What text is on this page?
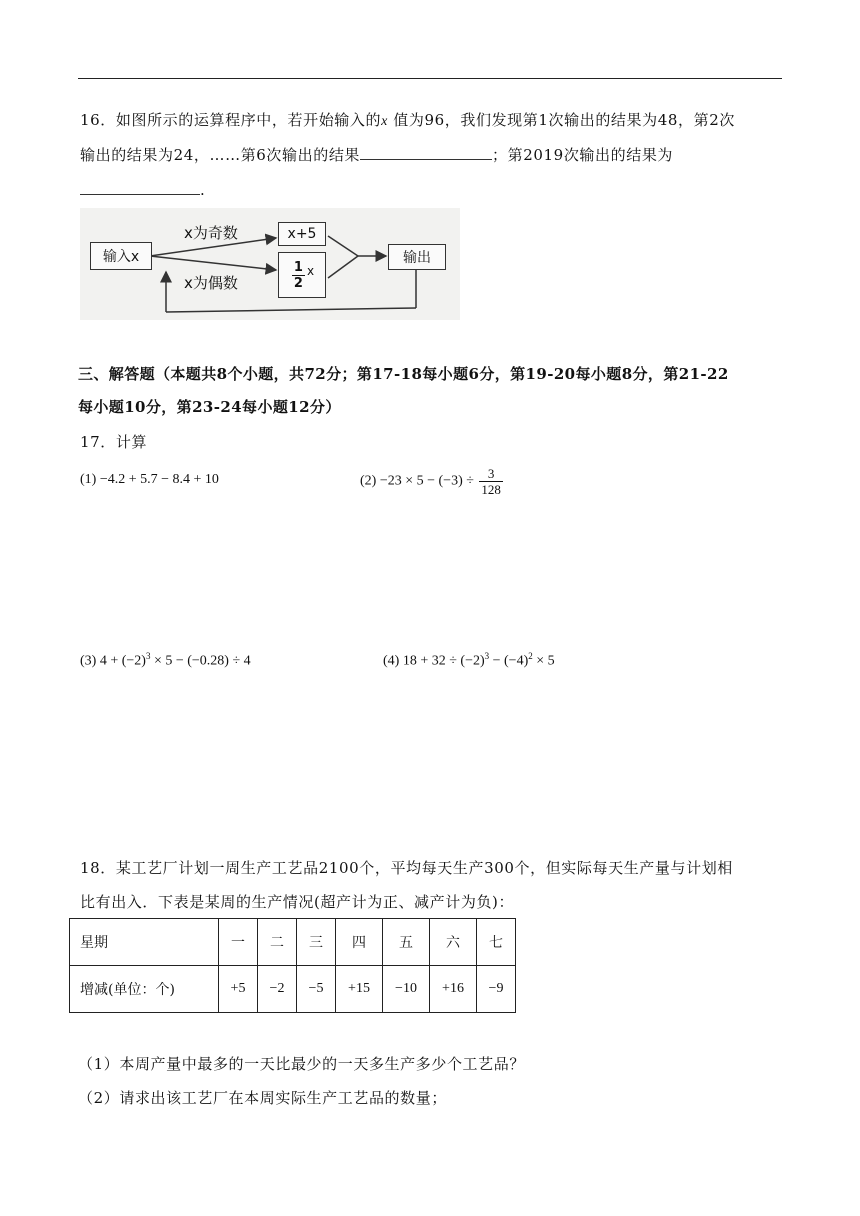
16．如图所示的运算程序中，若开始输入的x 值为96，我们发现第1次输出的结果为48，第2次
输出的结果为24，……第6次输出的结果	；第2019次输出的结果为
.
输入x
x为奇数
x为偶数
x+5
$\frac{1}{2}$ x
输出
三、解答题（本题共8个小题，共72分；第17-18每小题6分，第19-20每小题8分，第21-22
每小题10分，第23-24每小题12分）
17．计算
(1) −4.2 + 5.7 − 8.4 + 10	$(2) -23 \times 5 - (-3) \div \frac{3}{128}$
(3) $4 + (-2)^3 \times 5 - (-0.28) \div 4$	(4) $18 + 32 \div (-2)^3 - (-4)^2 \times 5$
18．某工艺厂计划一周生产工艺品2100个，平均每天生产300个，但实际每天生产量与计划相
比有出入．下表是某周的生产情况(超产计为正、减产计为负)：
星期	一	二	三	四	五	六	七
增减(单位：个)	+5	−2	−5	+15	−10	+16	−9
（1）本周产量中最多的一天比最少的一天多生产多少个工艺品？
（2）请求出该工艺厂在本周实际生产工艺品的数量；
